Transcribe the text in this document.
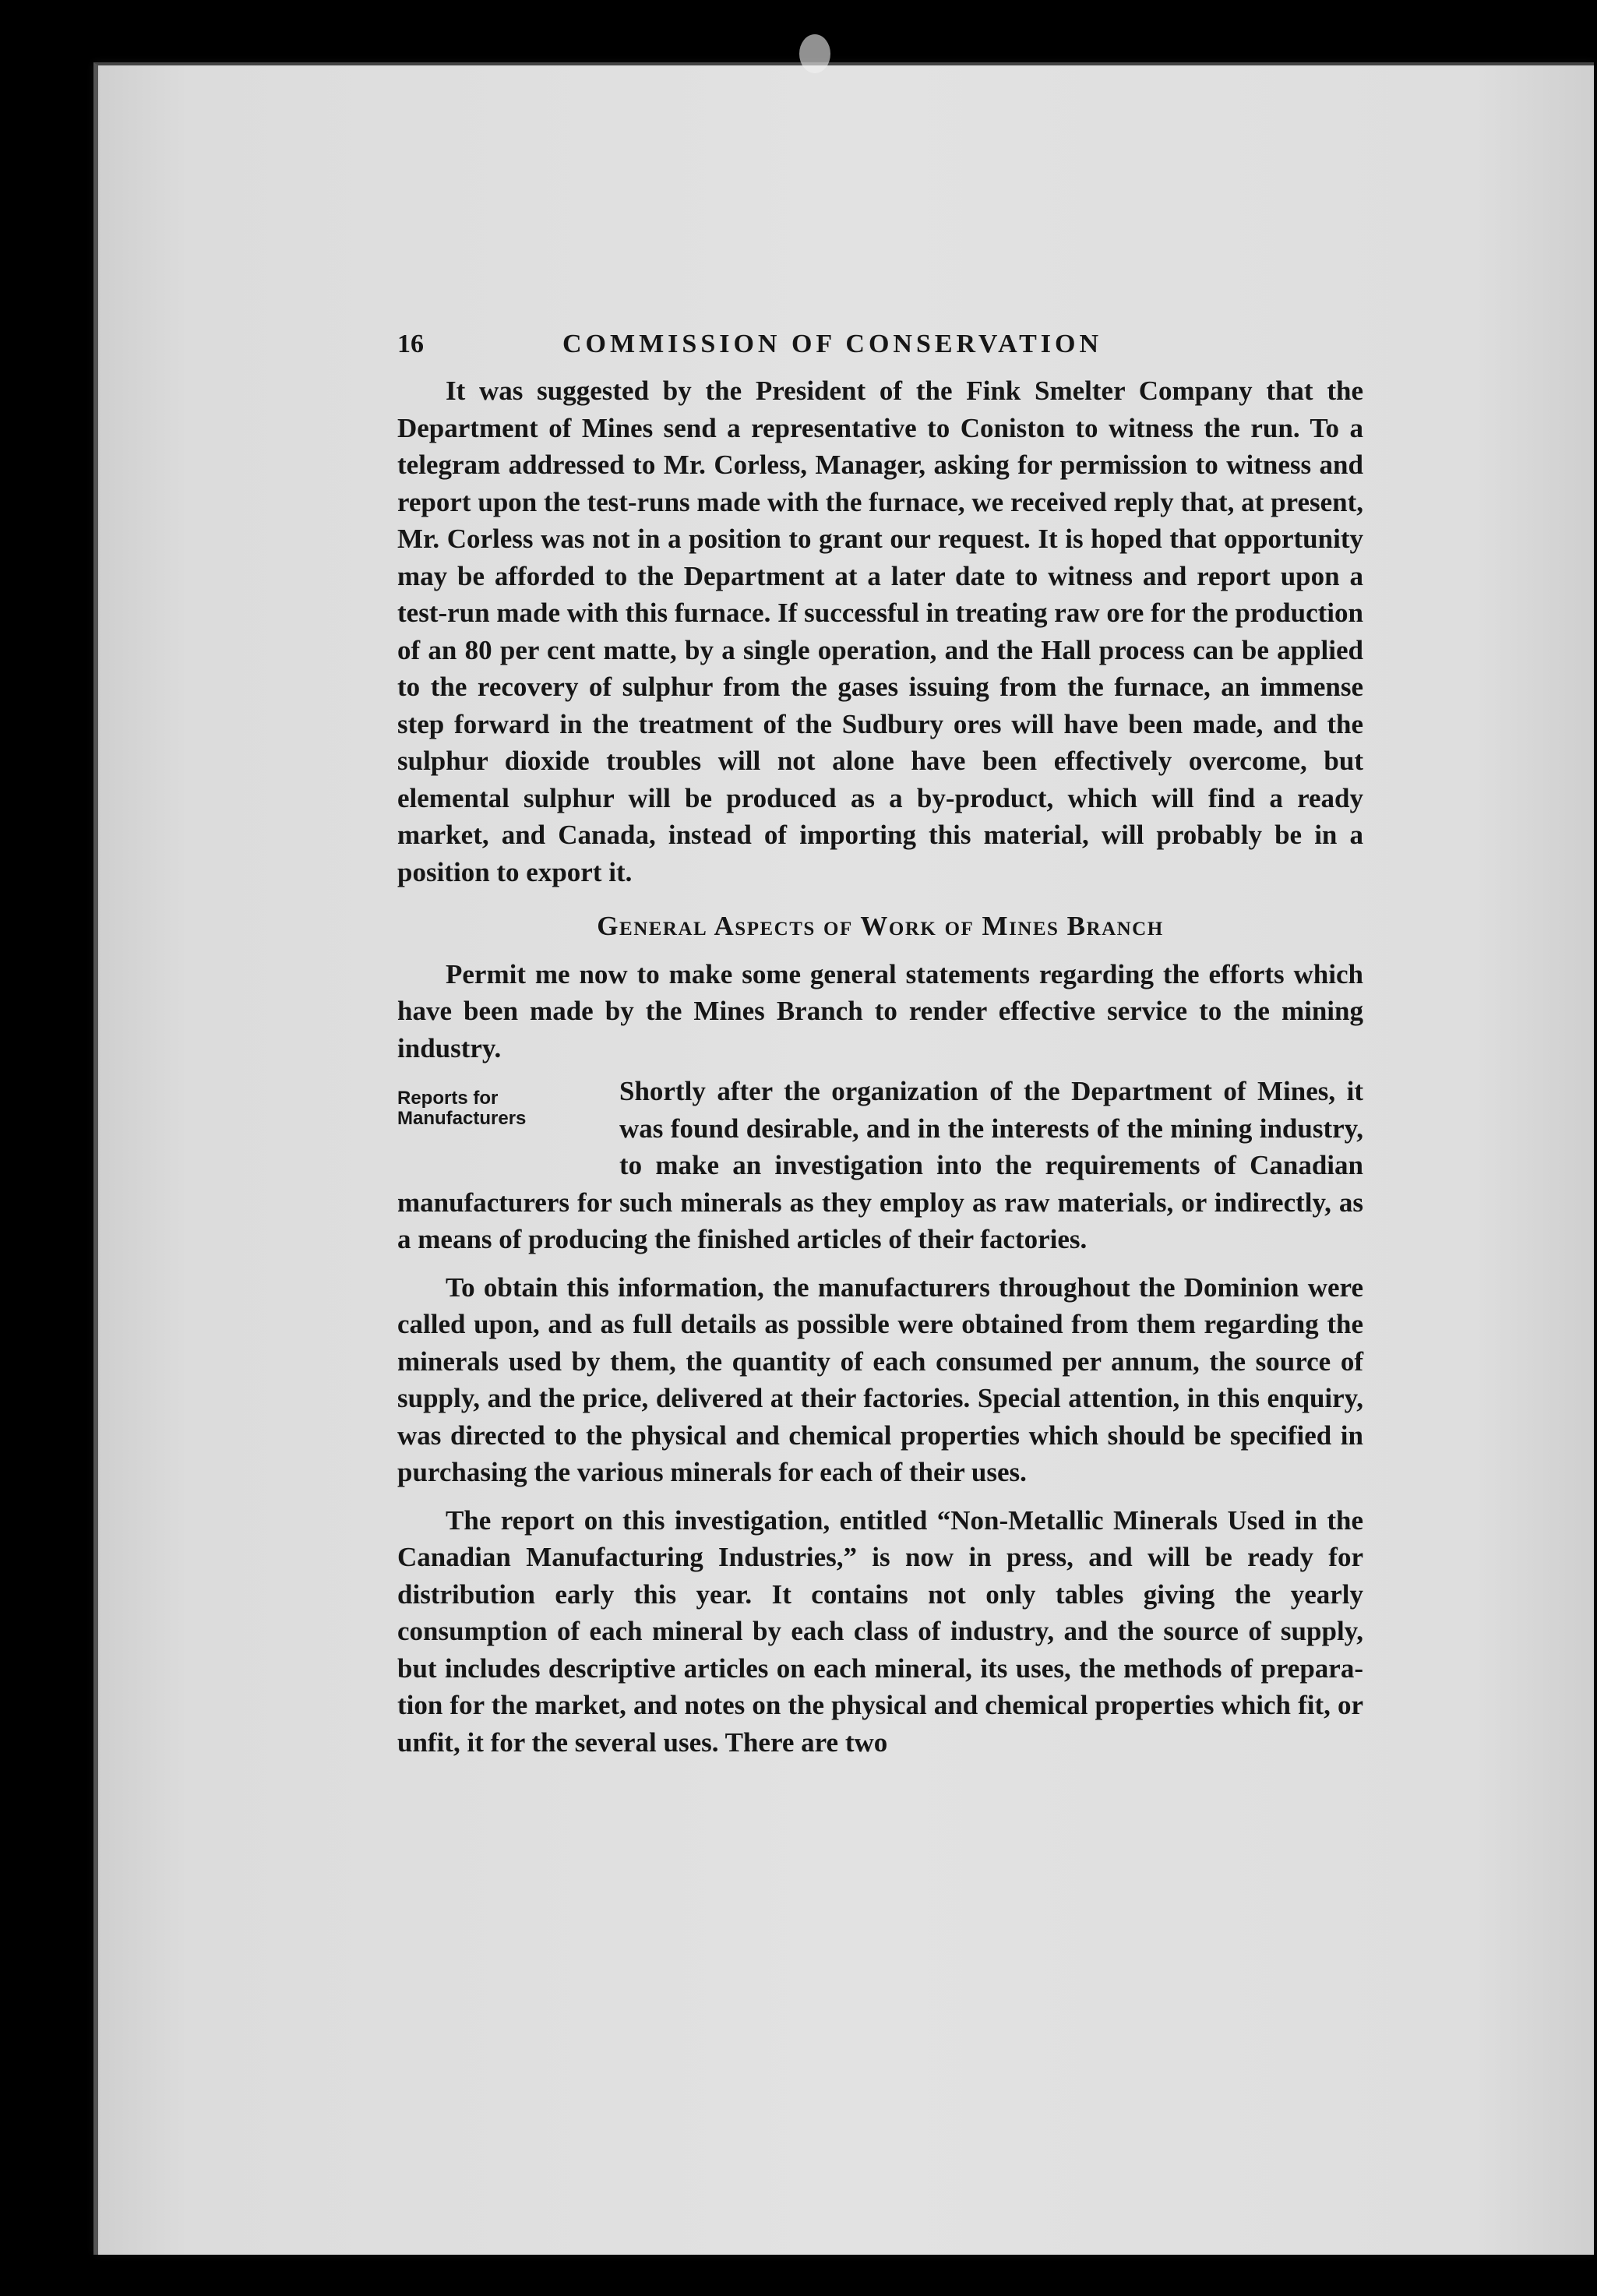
16	COMMISSION OF CONSERVATION

It was suggested by the President of the Fink Smelter Company that the Department of Mines send a representative to Coniston to witness the run. To a telegram addressed to Mr. Corless, Manager, asking for permission to witness and report upon the test-runs made with the furnace, we received reply that, at present, Mr. Corless was not in a position to grant our request. It is hoped that opportunity may be afforded to the Department at a later date to witness and report upon a test-run made with this furnace. If successful in treating raw ore for the production of an 80 per cent matte, by a single operation, and the Hall process can be applied to the recovery of sulphur from the gases issuing from the furnace, an immense step forward in the treatment of the Sudbury ores will have been made, and the sulphur dioxide troubles will not alone have been effectively overcome, but elemental sulphur will be produced as a by-product, which will find a ready market, and Canada, instead of importing this material, will probably be in a position to export it.

General Aspects of Work of Mines Branch

Permit me now to make some general statements regarding the efforts which have been made by the Mines Branch to render effective service to the mining industry.

Reports for
Manufacturers

Shortly after the organization of the Department of Mines, it was found desirable, and in the interests of the mining industry, to make an investigation into the requirements of Canadian manufacturers for such minerals as they employ as raw materials, or indirectly, as a means of producing the finished articles of their factories.

To obtain this information, the manufacturers throughout the Dominion were called upon, and as full details as possible were obtained from them regarding the minerals used by them, the quantity of each consumed per annum, the source of supply, and the price, delivered at their factories. Special attention, in this enquiry, was directed to the physical and chemical properties which should be specified in purchasing the various minerals for each of their uses.

The report on this investigation, entitled “Non-Metallic Minerals Used in the Canadian Manufacturing Industries,” is now in press, and will be ready for distribution early this year. It contains not only tables giving the yearly consumption of each mineral by each class of industry, and the source of supply, but includes descriptive articles on each mineral, its uses, the methods of preparation for the market, and notes on the physical and chemical properties which fit, or unfit, it for the several uses. There are two
